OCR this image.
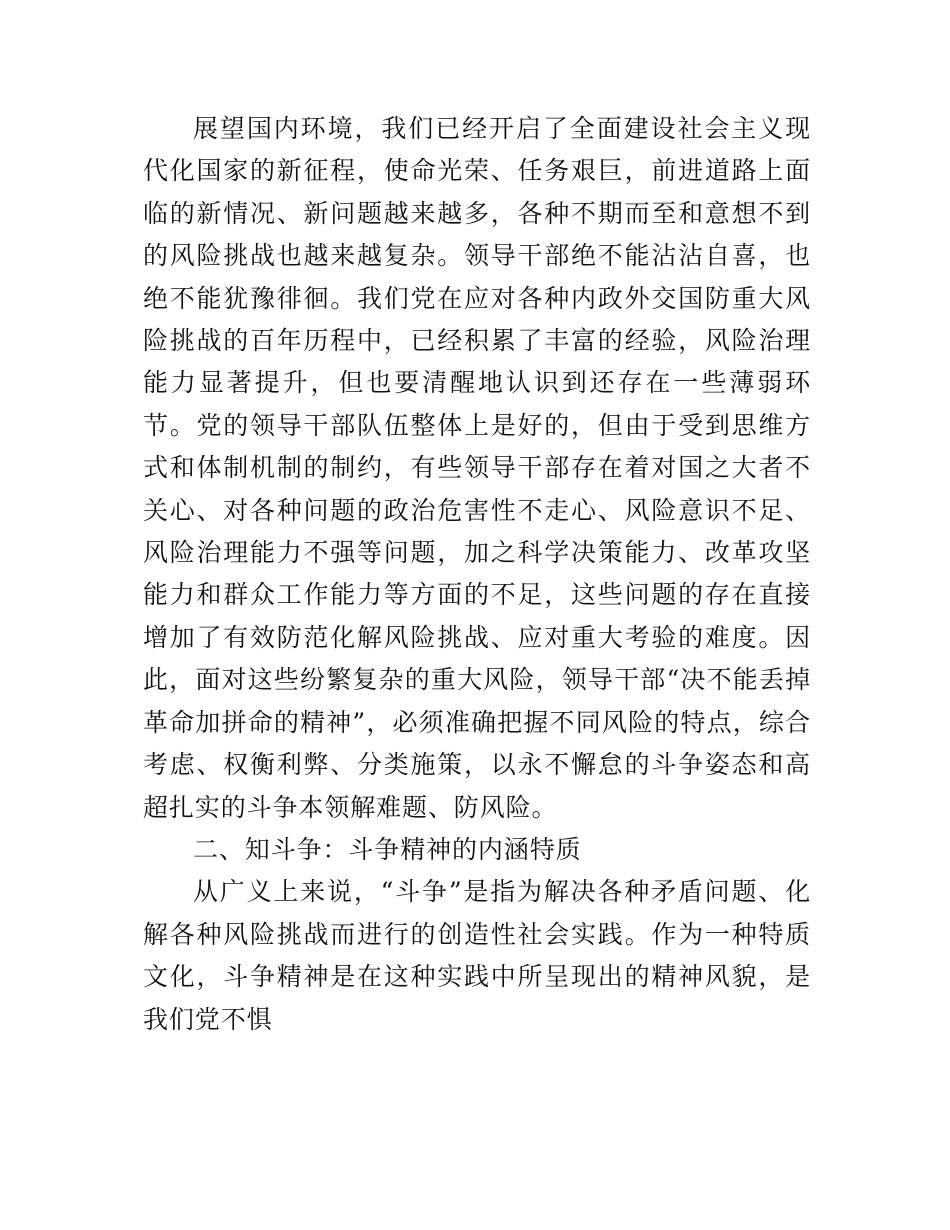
展望国内环境，我们已经开启了全面建设社会主义现代化国家的新征程，使命光荣、任务艰巨，前进道路上面临的新情况、新问题越来越多，各种不期而至和意想不到的风险挑战也越来越复杂。领导干部绝不能沾沾自喜，也绝不能犹豫徘徊。我们党在应对各种内政外交国防重大风险挑战的百年历程中，已经积累了丰富的经验，风险治理能力显著提升，但也要清醒地认识到还存在一些薄弱环节。党的领导干部队伍整体上是好的，但由于受到思维方式和体制机制的制约，有些领导干部存在着对国之大者不关心、对各种问题的政治危害性不走心、风险意识不足、风险治理能力不强等问题，加之科学决策能力、改革攻坚能力和群众工作能力等方面的不足，这些问题的存在直接增加了有效防范化解风险挑战、应对重大考验的难度。因此，面对这些纷繁复杂的重大风险，领导干部“决不能丢掉革命加拼命的精神”，必须准确把握不同风险的特点，综合考虑、权衡利弊、分类施策，以永不懈怠的斗争姿态和高超扎实的斗争本领解难题、防风险。

二、知斗争：斗争精神的内涵特质

从广义上来说，“斗争”是指为解决各种矛盾问题、化解各种风险挑战而进行的创造性社会实践。作为一种特质文化，斗争精神是在这种实践中所呈现出的精神风貌，是我们党不惧
